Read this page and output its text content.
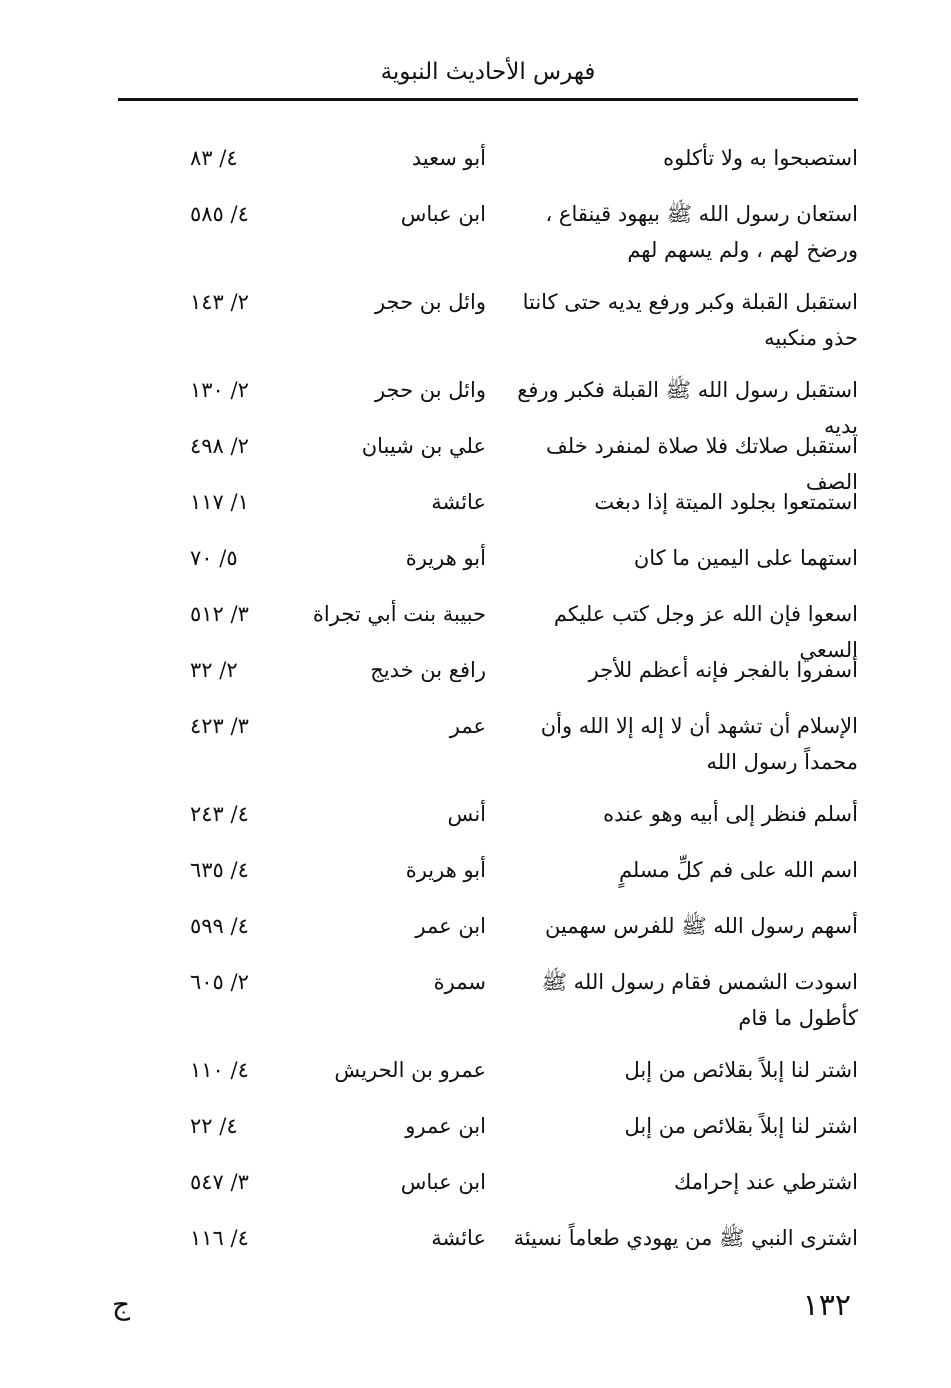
فهرس الأحاديث النبوية
استصبحوا به ولا تأكلوه
أبو سعيد
٤/ ٨٣
استعان رسول الله ﷺ بيهود قينقاع ، ورضخ لهم ، ولم يسهم لهم
ابن عباس
٤/ ٥٨٥
استقبل القبلة وكبر ورفع يديه حتى كانتا حذو منكبيه
وائل بن حجر
٢/ ١٤٣
استقبل رسول الله ﷺ القبلة فكبر ورفع يديه
وائل بن حجر
٢/ ١٣٠
استقبل صلاتك فلا صلاة لمنفرد خلف الصف
علي بن شيبان
٢/ ٤٩٨
استمتعوا بجلود الميتة إذا دبغت
عائشة
١/ ١١٧
استهما على اليمين ما كان
أبو هريرة
٥/ ٧٠
اسعوا فإن الله عز وجل كتب عليكم السعي
حبيبة بنت أبي تجراة
٣/ ٥١٢
أسفروا بالفجر فإنه أعظم للأجر
رافع بن خديج
٢/ ٣٢
الإسلام أن تشهد أن لا إله إلا الله وأن محمداً رسول الله
عمر
٣/ ٤٢٣
أسلم فنظر إلى أبيه وهو عنده
أنس
٤/ ٢٤٣
اسم الله على فم كلِّ مسلمٍ
أبو هريرة
٤/ ٦٣٥
أسهم رسول الله ﷺ للفرس سهمين
ابن عمر
٤/ ٥٩٩
اسودت الشمس فقام رسول الله ﷺ كأطول ما قام
سمرة
٢/ ٦٠٥
اشتر لنا إبلاً بقلائص من إبل
عمرو بن الحريش
٤/ ١١٠
اشتر لنا إبلاً بقلائص من إبل
ابن عمرو
٤/ ٢٢
اشترطي عند إحرامك
ابن عباس
٣/ ٥٤٧
اشترى النبي ﷺ من يهودي طعاماً نسيئة
عائشة
٤/ ١١٦
١٣٢
ج
